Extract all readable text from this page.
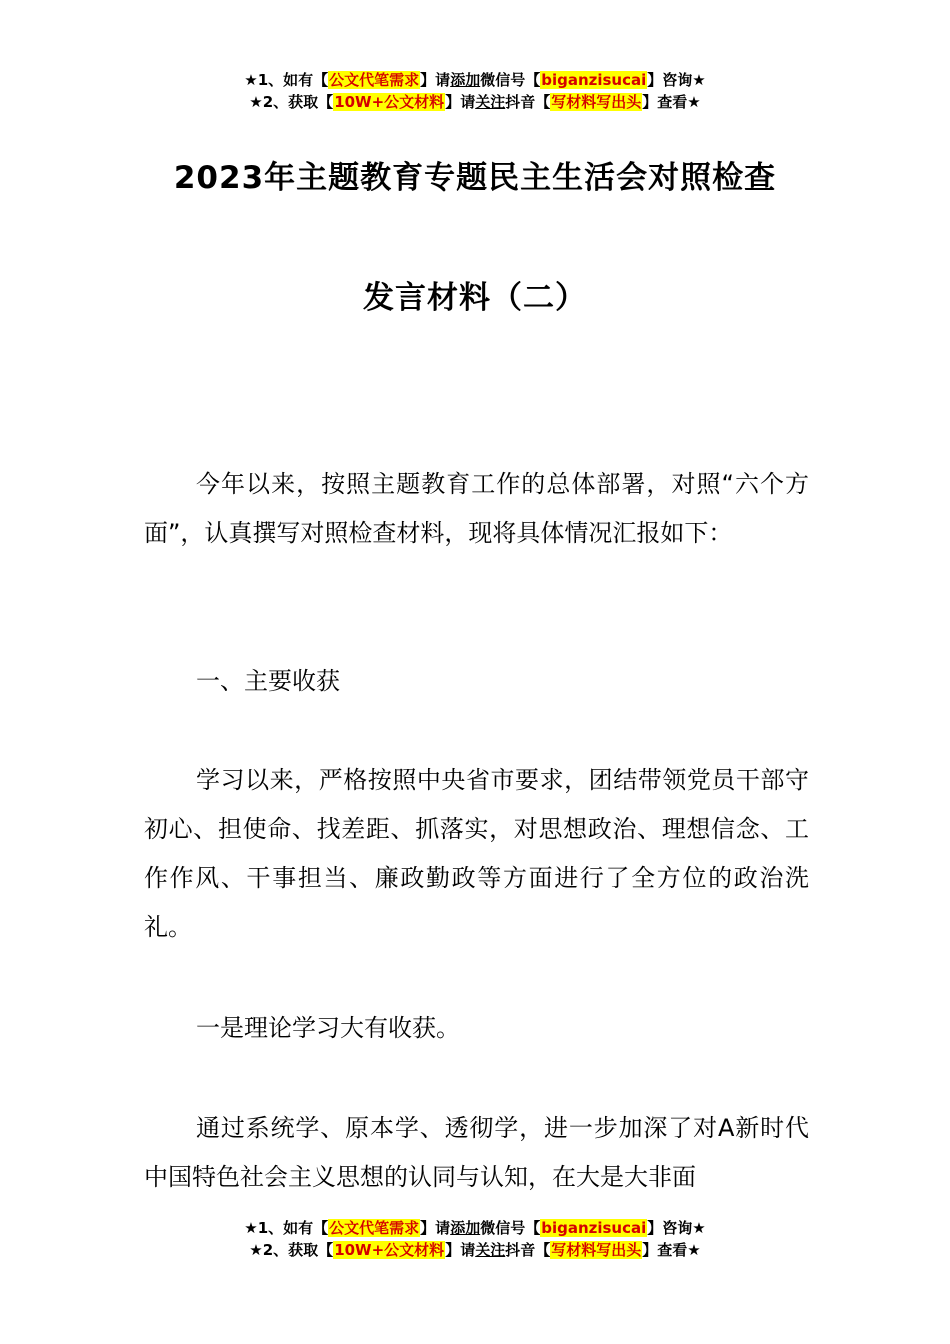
★1、如有【公文代笔需求】请添加微信号【biganzisucai】咨询★
★2、获取【10W+公文材料】请关注抖音【写材料写出头】查看★
2023年主题教育专题民主生活会对照检查
发言材料（二）

今年以来，按照主题教育工作的总体部署，对照“六个方面”，认真撰写对照检查材料，现将具体情况汇报如下：

一、主要收获

学习以来，严格按照中央省市要求，团结带领党员干部守初心、担使命、找差距、抓落实，对思想政治、理想信念、工作作风、干事担当、廉政勤政等方面进行了全方位的政治洗礼。

一是理论学习大有收获。

通过系统学、原本学、透彻学，进一步加深了对A新时代中国特色社会主义思想的认同与认知，在大是大非面

★1、如有【公文代笔需求】请添加微信号【biganzisucai】咨询★
★2、获取【10W+公文材料】请关注抖音【写材料写出头】查看★
